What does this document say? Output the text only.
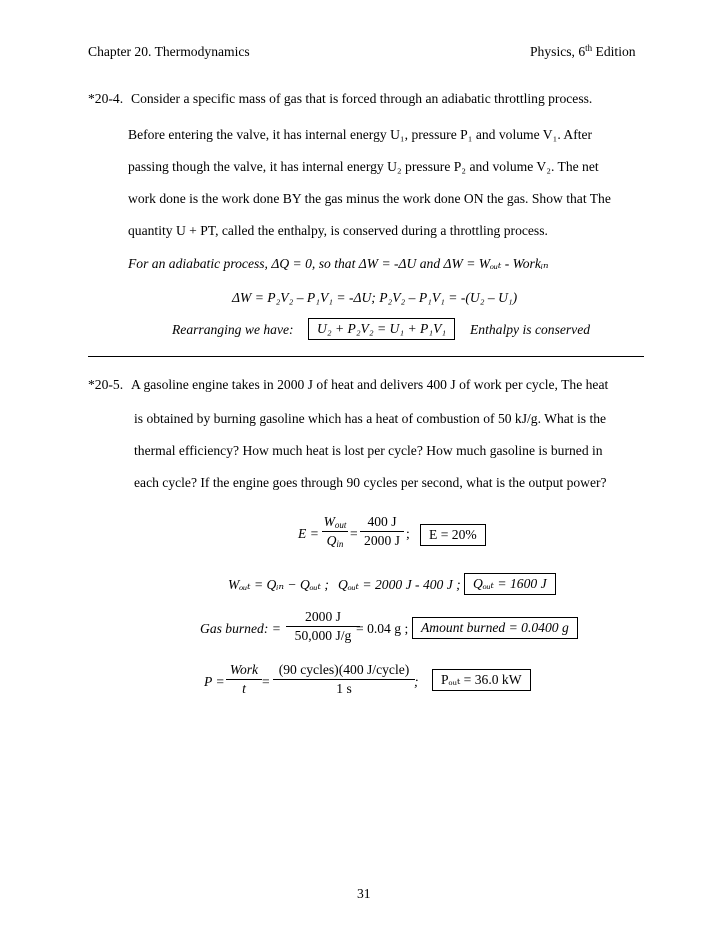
Chapter 20. Thermodynamics	Physics, 6th Edition
*20-4. Consider a specific mass of gas that is forced through an adiabatic throttling process.
Before entering the valve, it has internal energy U₁, pressure P₁ and volume V₁. After
passing though the valve, it has internal energy U₂ pressure P₂ and volume V₂. The net
work done is the work done BY the gas minus the work done ON the gas. Show that The
quantity U + PT, called the enthalpy, is conserved during a throttling process.
For an adiabatic process, ΔQ = 0, so that ΔW = -ΔU and ΔW = Wₒᵤₜ - Workᵢₙ
ΔW = P₂V₂ – P₁V₁ = -ΔU; P₂V₂ – P₁V₁ = -(U₂ – U₁)
Rearranging we have:	U₂ + P₂V₂ = U₁ + P₁V₁	Enthalpy is conserved
*20-5. A gasoline engine takes in 2000 J of heat and delivers 400 J of work per cycle, The heat
is obtained by burning gasoline which has a heat of combustion of 50 kJ/g. What is the
thermal efficiency? How much heat is lost per cycle? How much gasoline is burned in
each cycle? If the engine goes through 90 cycles per second, what is the output power?
E =
$W_{out}$
$Q_{in}$
=
400 J
2000 J ;	E = 20%
Wₒᵤₜ = Qᵢₙ − Qₒᵤₜ ; Qₒᵤₜ = 2000 J - 400 J ; Qₒᵤₜ = 1600 J
Gas burned: =
2000 J
50,000 J/g = 0.04 g ; Amount burned = 0.0400 g
P =
Work
t	=
(90 cycles)(400 J/cycle)
1 s	;	Pₒᵤₜ = 36.0 kW
31
